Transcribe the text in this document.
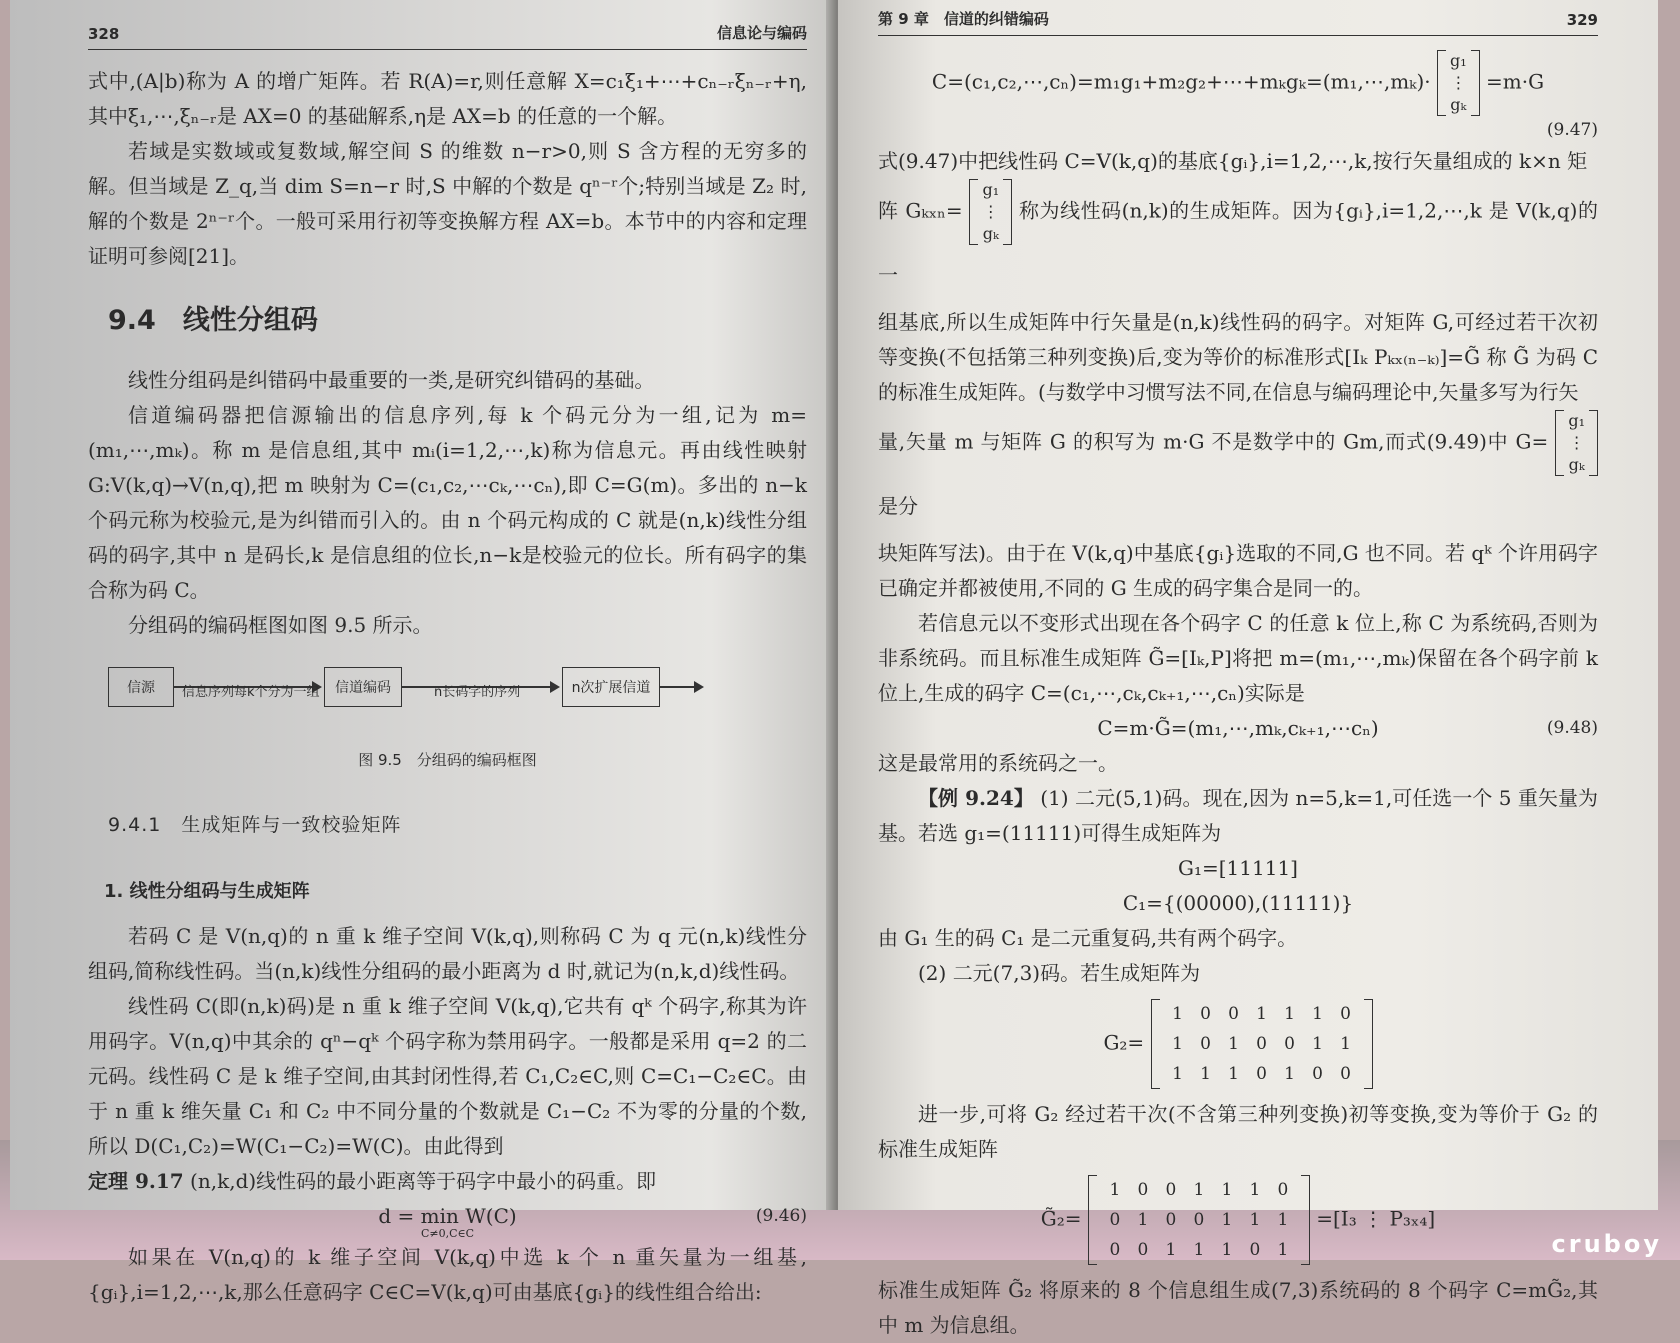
328	信息论与编码

式中,(A|b)称为 A 的增广矩阵。若 R(A)=r,则任意解 X=c₁ξ₁+⋯+cₙ₋ᵣξₙ₋ᵣ+η,其中ξ₁,⋯,ξₙ₋ᵣ是 AX=0 的基础解系,η是 AX=b 的任意的一个解。

若域是实数域或复数域,解空间 S 的维数 n−r>0,则 S 含方程的无穷多的解。但当域是 Z_q,当 dim S=n−r 时,S 中解的个数是 qⁿ⁻ʳ个;特别当域是 Z₂ 时,解的个数是 2ⁿ⁻ʳ个。一般可采用行初等变换解方程 AX=b。本节中的内容和定理证明可参阅[21]。

9.4　线性分组码

线性分组码是纠错码中最重要的一类,是研究纠错码的基础。

信道编码器把信源输出的信息序列,每 k 个码元分为一组,记为 m=(m₁,⋯,mₖ)。称 m 是信息组,其中 mᵢ(i=1,2,⋯,k)称为信息元。再由线性映射 G:V(k,q)→V(n,q),把 m 映射为 C=(c₁,c₂,⋯cₖ,⋯cₙ),即 C=G(m)。多出的 n−k 个码元称为校验元,是为纠错而引入的。由 n 个码元构成的 C 就是(n,k)线性分组码的码字,其中 n 是码长,k 是信息组的位长,n−k是校验元的位长。所有码字的集合称为码 C。

分组码的编码框图如图 9.5 所示。

信源	信息序列每k个分为一组	信道编码	n长码字的序列	n次扩展信道
图 9.5　分组码的编码框图
9.4.1　生成矩阵与一致校验矩阵
1. 线性分组码与生成矩阵

若码 C 是 V(n,q)的 n 重 k 维子空间 V(k,q),则称码 C 为 q 元(n,k)线性分组码,简称线性码。当(n,k)线性分组码的最小距离为 d 时,就记为(n,k,d)线性码。

线性码 C(即(n,k)码)是 n 重 k 维子空间 V(k,q),它共有 qᵏ 个码字,称其为许用码字。V(n,q)中其余的 qⁿ−qᵏ 个码字称为禁用码字。一般都是采用 q=2 的二元码。线性码 C 是 k 维子空间,由其封闭性得,若 C₁,C₂∈C,则 C=C₁−C₂∈C。由于 n 重 k 维矢量 C₁ 和 C₂ 中不同分量的个数就是 C₁−C₂ 不为零的分量的个数,所以 D(C₁,C₂)=W(C₁−C₂)=W(C)。由此得到

定理 9.17 (n,k,d)线性码的最小距离等于码字中最小的码重。即

d = min W(C)
C≠0,C∈C
(9.46)

如果在 V(n,q)的 k 维子空间 V(k,q)中选 k 个 n 重矢量为一组基,{gᵢ},i=1,2,⋯,k,那么任意码字 C∈C=V(k,q)可由基底{gᵢ}的线性组合给出:

第 9 章　信道的纠错编码	329
C=(c₁,c₂,⋯,cₙ)=m₁g₁+m₂g₂+⋯+mₖgₖ=(m₁,⋯,mₖ)·
g₁
⋮
gₖ
=m·G
(9.47)

式(9.47)中把线性码 C=V(k,q)的基底{gᵢ},i=1,2,⋯,k,按行矢量组成的 k×n 矩

阵 Gₖₓₙ=
g₁
⋮
gₖ
称为线性码(n,k)的生成矩阵。因为{gᵢ},i=1,2,⋯,k 是 V(k,q)的一

组基底,所以生成矩阵中行矢量是(n,k)线性码的码字。对矩阵 G,可经过若干次初等变换(不包括第三种列变换)后,变为等价的标准形式[Iₖ Pₖₓ₍ₙ₋ₖ₎]=G̃ 称 G̃ 为码 C 的标准生成矩阵。(与数学中习惯写法不同,在信息与编码理论中,矢量多写为行矢

量,矢量 m 与矩阵 G 的积写为 m·G 不是数学中的 Gm,而式(9.49)中 G=
g₁
⋮
gₖ
是分

块矩阵写法)。由于在 V(k,q)中基底{gᵢ}选取的不同,G 也不同。若 qᵏ 个许用码字已确定并都被使用,不同的 G 生成的码字集合是同一的。

若信息元以不变形式出现在各个码字 C 的任意 k 位上,称 C 为系统码,否则为非系统码。而且标准生成矩阵 G̃=[Iₖ,P]将把 m=(m₁,⋯,mₖ)保留在各个码字前 k 位上,生成的码字 C=(c₁,⋯,cₖ,cₖ₊₁,⋯,cₙ)实际是

C=m·G̃=(m₁,⋯,mₖ,cₖ₊₁,⋯cₙ)	(9.48)

这是最常用的系统码之一。

【例 9.24】 (1) 二元(5,1)码。现在,因为 n=5,k=1,可任选一个 5 重矢量为基。若选 g₁=(11111)可得生成矩阵为

G₁=[11111]
C₁={(00000),(11111)}

由 G₁ 生的码 C₁ 是二元重复码,共有两个码字。

(2) 二元(7,3)码。若生成矩阵为

G₂=
1	0	0	1	1	1	0
1	0	1	0	0	1	1
1	1	1	0	1	0	0

进一步,可将 G₂ 经过若干次(不含第三种列变换)初等变换,变为等价于 G₂ 的标准生成矩阵

G̃₂=
1	0	0	1	1	1	0
0	1	0	0	1	1	1
0	0	1	1	1	0	1
=[I₃ ⋮ P₃ₓ₄]

标准生成矩阵 G̃₂ 将原来的 8 个信息组生成(7,3)系统码的 8 个码字 C=mG̃₂,其中 m 为信息组。

cruboy
